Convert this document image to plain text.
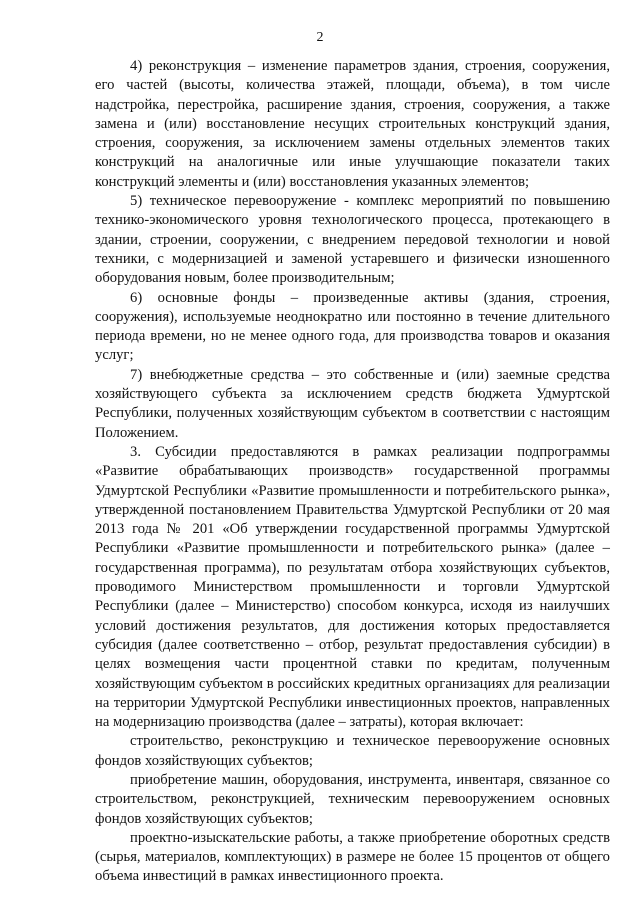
2

4) реконструкция – изменение параметров здания, строения, сооружения, его частей (высоты, количества этажей, площади, объема), в том числе надстройка, перестройка, расширение здания, строения, сооружения, а также замена и (или) восстановление несущих строительных конструкций здания, строения, сооружения, за исключением замены отдельных элементов таких конструкций на аналогичные или иные улучшающие показатели таких конструкций элементы и (или) восстановления указанных элементов;

5) техническое перевооружение - комплекс мероприятий по повышению технико-экономического уровня технологического процесса, протекающего в здании, строении, сооружении, с внедрением передовой технологии и новой техники, с модернизацией и заменой устаревшего и физически изношенного оборудования новым, более производительным;

6) основные фонды – произведенные активы (здания, строения, сооружения), используемые неоднократно или постоянно в течение длительного периода времени, но не менее одного года, для производства товаров и оказания услуг;

7) внебюджетные средства – это собственные и (или) заемные средства хозяйствующего субъекта за исключением средств бюджета Удмуртской Республики, полученных хозяйствующим субъектом в соответствии с настоящим Положением.

3. Субсидии предоставляются в рамках реализации подпрограммы «Развитие обрабатывающих производств» государственной программы Удмуртской Республики «Развитие промышленности и потребительского рынка», утвержденной постановлением Правительства Удмуртской Республики от 20 мая 2013 года № 201 «Об утверждении государственной программы Удмуртской Республики «Развитие промышленности и потребительского рынка» (далее – государственная программа), по результатам отбора хозяйствующих субъектов, проводимого Министерством промышленности и торговли Удмуртской Республики (далее – Министерство) способом конкурса, исходя из наилучших условий достижения результатов, для достижения которых предоставляется субсидия (далее соответственно – отбор, результат предоставления субсидии) в целях возмещения части процентной ставки по кредитам, полученным хозяйствующим субъектом в российских кредитных организациях для реализации на территории Удмуртской Республики инвестиционных проектов, направленных на модернизацию производства (далее – затраты), которая включает:

строительство, реконструкцию и техническое перевооружение основных фондов хозяйствующих субъектов;

приобретение машин, оборудования, инструмента, инвентаря, связанное со строительством, реконструкцией, техническим перевооружением основных фондов хозяйствующих субъектов;

проектно-изыскательские работы, а также приобретение оборотных средств (сырья, материалов, комплектующих) в размере не более 15 процентов от общего объема инвестиций в рамках инвестиционного проекта.
